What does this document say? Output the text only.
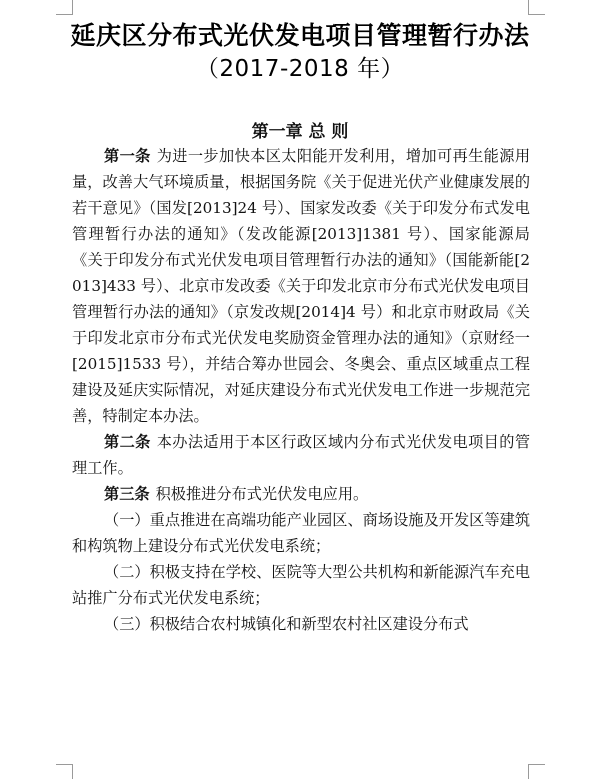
延庆区分布式光伏发电项目管理暂行办法
（2017-2018 年）
第一章 总 则

第一条 为进一步加快本区太阳能开发利用，增加可再生能源用量，改善大气环境质量，根据国务院《关于促进光伏产业健康发展的若干意见》（国发[2013]24 号）、国家发改委《关于印发分布式发电管理暂行办法的通知》（发改能源[2013]1381 号）、国家能源局《关于印发分布式光伏发电项目管理暂行办法的通知》（国能新能[2013]433 号）、北京市发改委《关于印发北京市分布式光伏发电项目管理暂行办法的通知》（京发改规[2014]4 号）和北京市财政局《关于印发北京市分布式光伏发电奖励资金管理办法的通知》（京财经一[2015]1533 号），并结合筹办世园会、冬奥会、重点区域重点工程建设及延庆实际情况，对延庆建设分布式光伏发电工作进一步规范完善，特制定本办法。

第二条 本办法适用于本区行政区域内分布式光伏发电项目的管理工作。

第三条 积极推进分布式光伏发电应用。

（一）重点推进在高端功能产业园区、商场设施及开发区等建筑和构筑物上建设分布式光伏发电系统；

（二）积极支持在学校、医院等大型公共机构和新能源汽车充电站推广分布式光伏发电系统；

（三）积极结合农村城镇化和新型农村社区建设分布式
